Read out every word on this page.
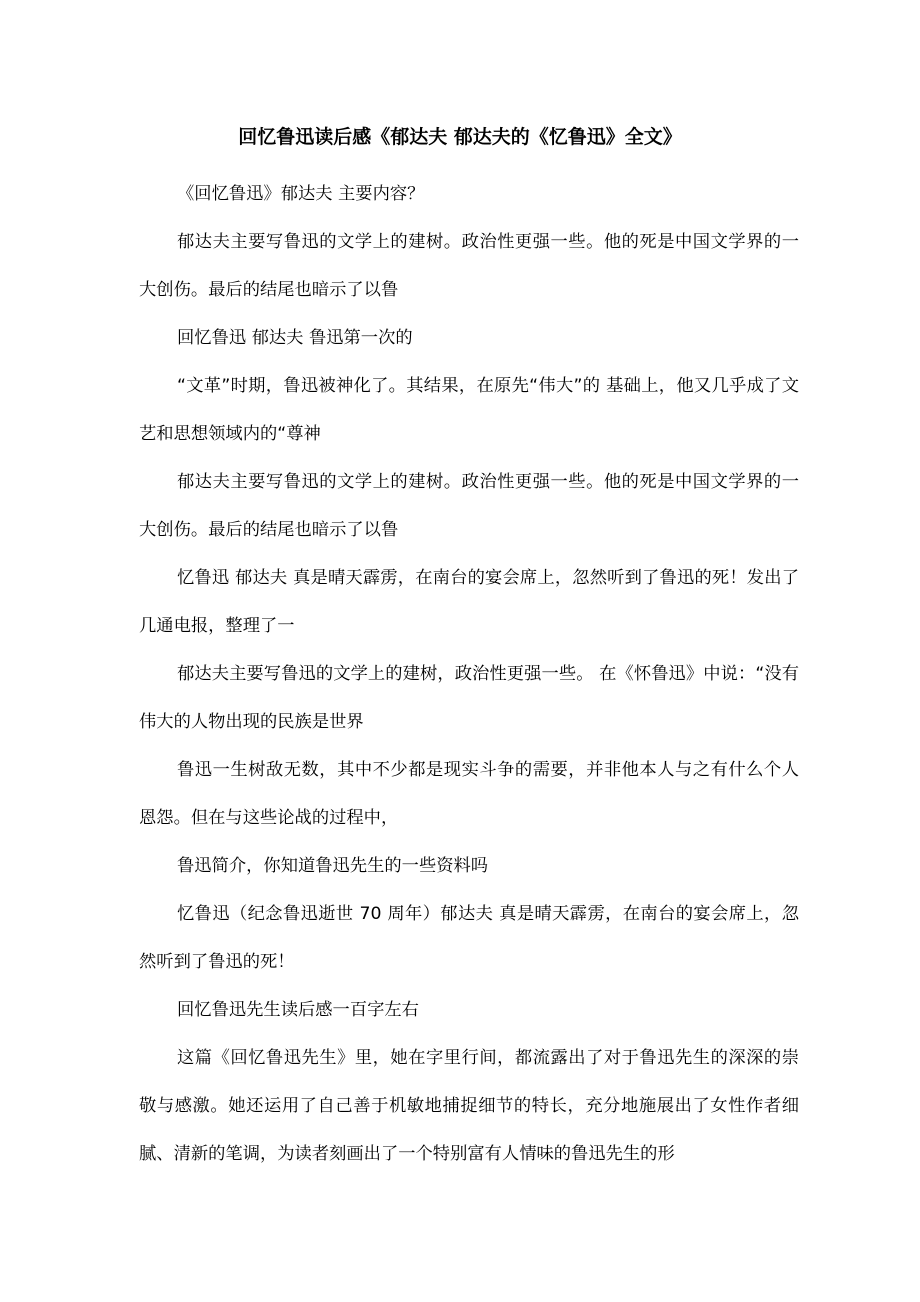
回忆鲁迅读后感《郁达夫 郁达夫的《忆鲁迅》全文》

《回忆鲁迅》郁达夫 主要内容？

郁达夫主要写鲁迅的文学上的建树。政治性更强一些。他的死是中国文学界的一大创伤。最后的结尾也暗示了以鲁

回忆鲁迅 郁达夫 鲁迅第一次的

“文革”时期，鲁迅被神化了。其结果，在原先“伟大”的 基础上，他又几乎成了文艺和思想领域内的“尊神

郁达夫主要写鲁迅的文学上的建树。政治性更强一些。他的死是中国文学界的一大创伤。最后的结尾也暗示了以鲁

忆鲁迅 郁达夫 真是晴天霹雳，在南台的宴会席上，忽然听到了鲁迅的死！发出了几通电报，整理了一

郁达夫主要写鲁迅的文学上的建树，政治性更强一些。 在《怀鲁迅》中说：“没有伟大的人物出现的民族是世界

鲁迅一生树敌无数，其中不少都是现实斗争的需要，并非他本人与之有什么个人恩怨。但在与这些论战的过程中，

鲁迅简介，你知道鲁迅先生的一些资料吗

忆鲁迅（纪念鲁迅逝世 70 周年）郁达夫 真是晴天霹雳，在南台的宴会席上，忽然听到了鲁迅的死！

回忆鲁迅先生读后感一百字左右

这篇《回忆鲁迅先生》里，她在字里行间，都流露出了对于鲁迅先生的深深的崇敬与感激。她还运用了自己善于机敏地捕捉细节的特长，充分地施展出了女性作者细腻、清新的笔调，为读者刻画出了一个特别富有人情味的鲁迅先生的形
